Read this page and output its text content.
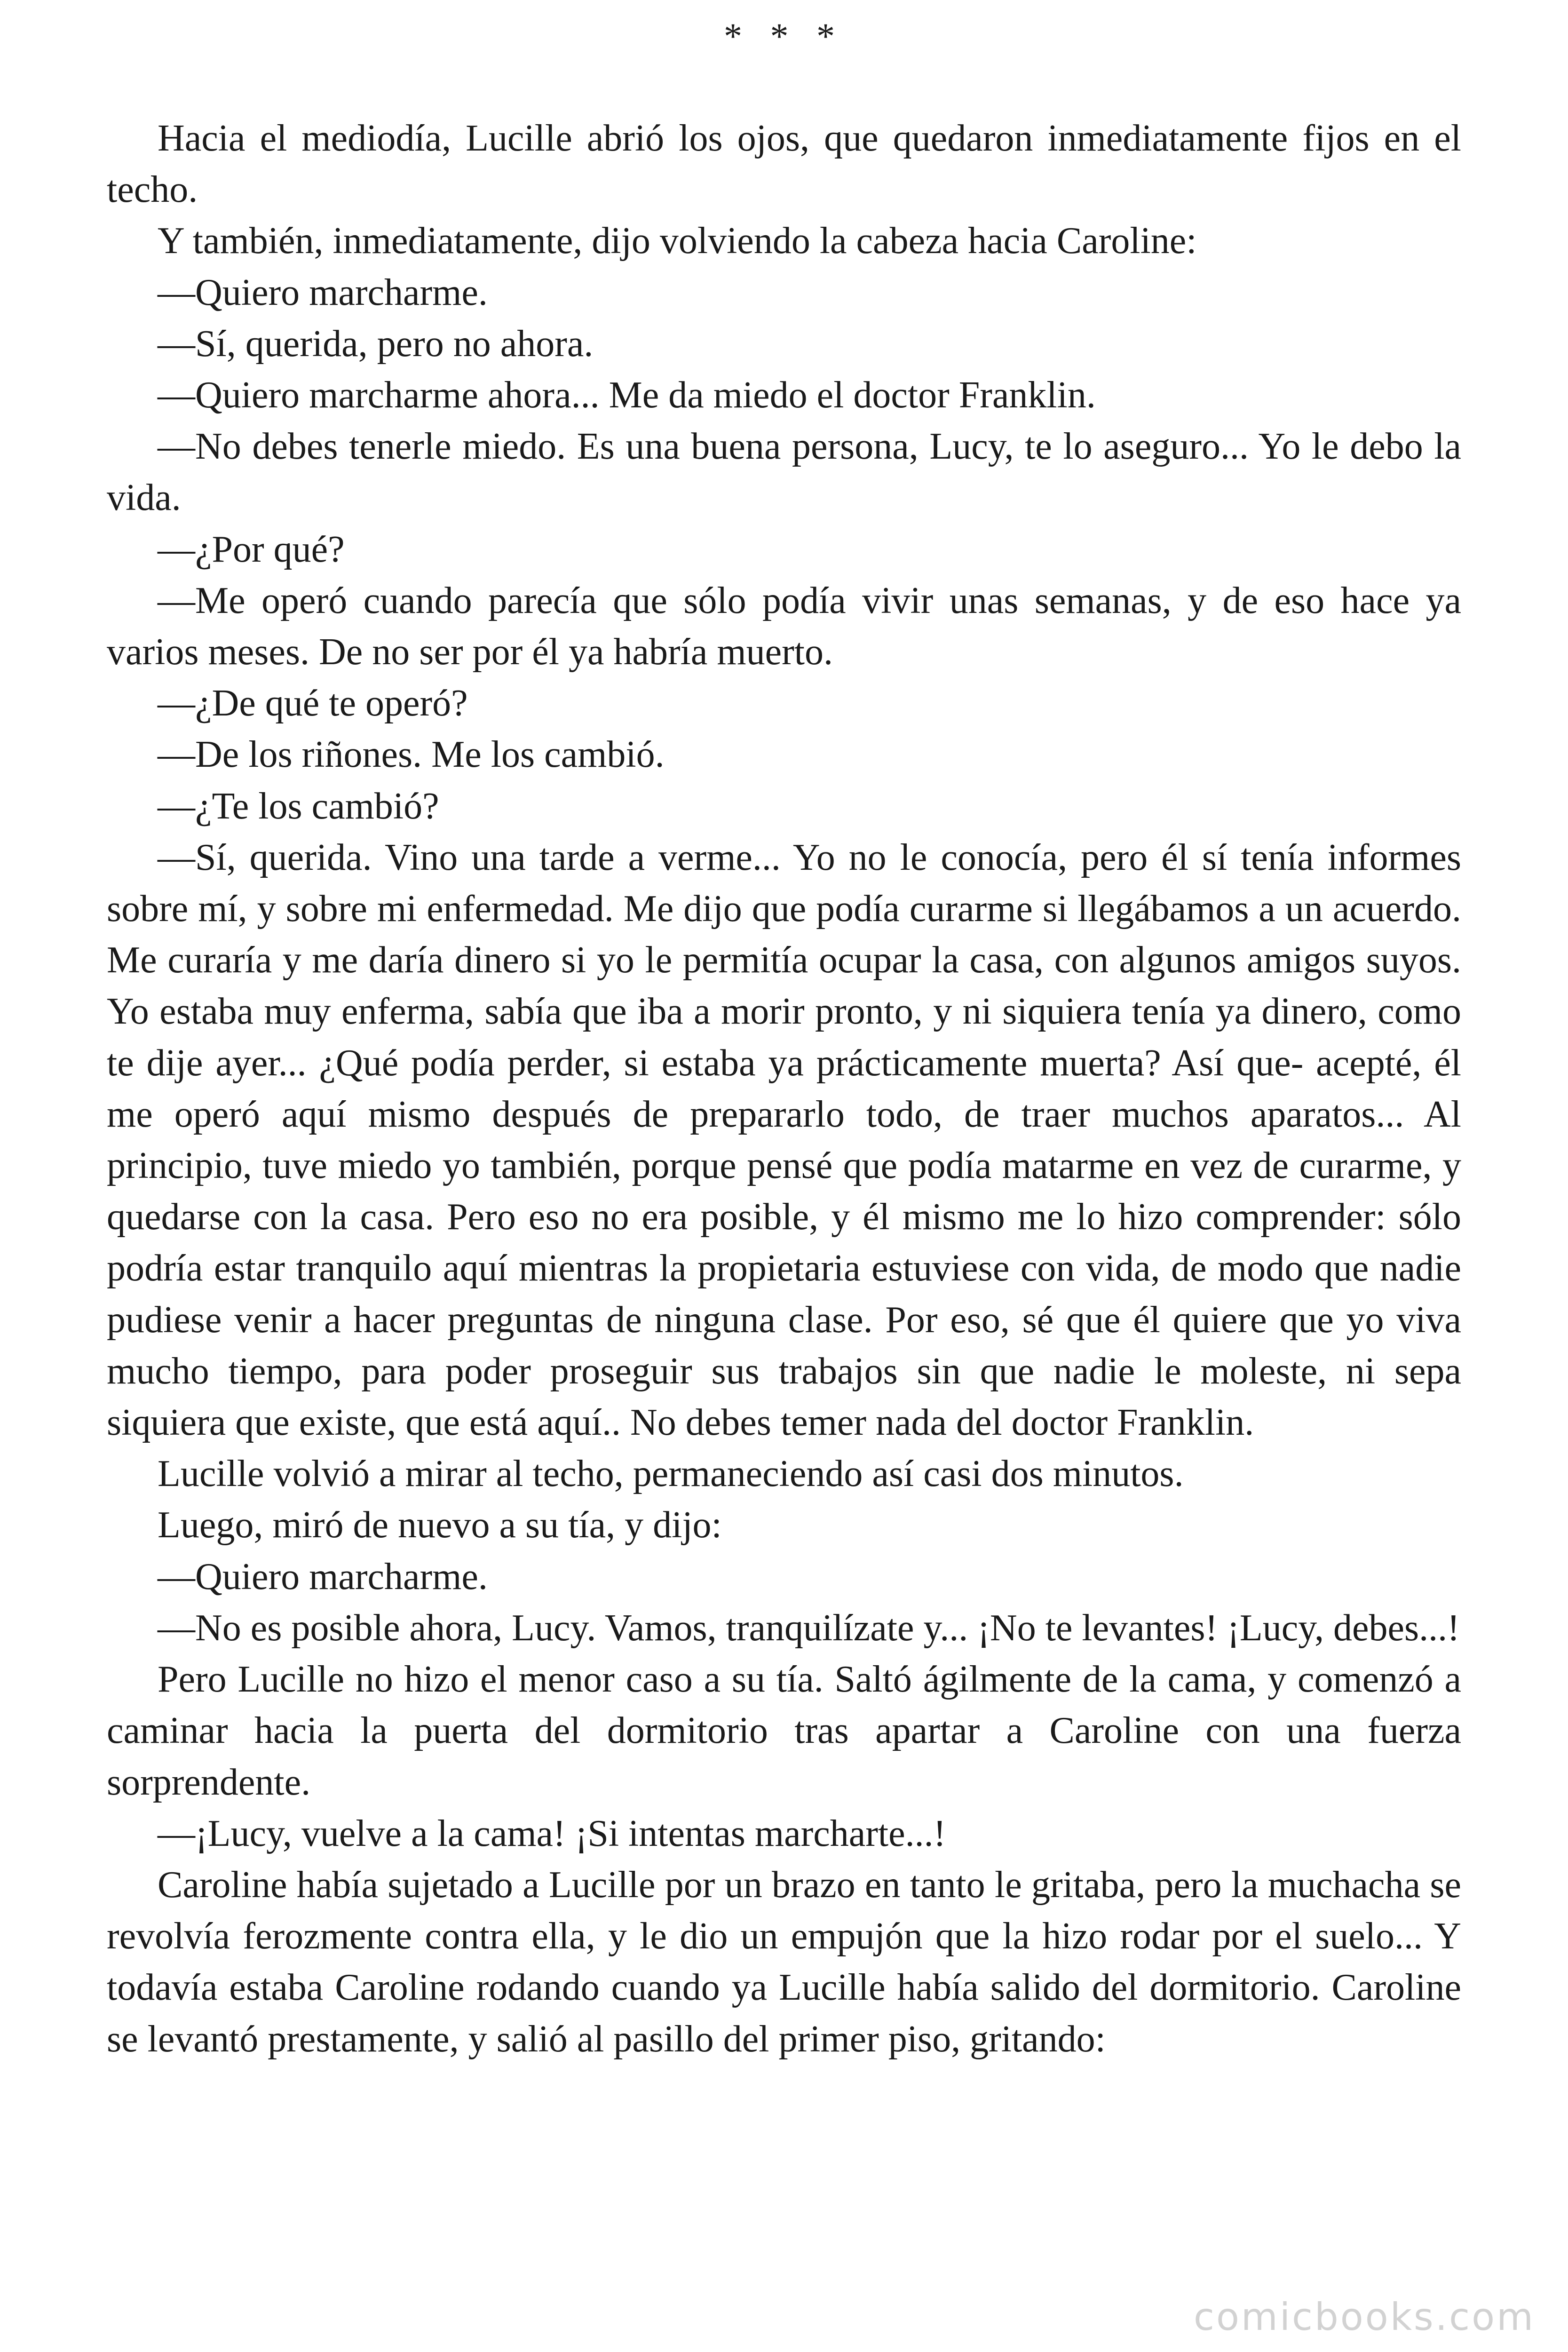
* * *

Hacia el mediodía, Lucille abrió los ojos, que quedaron inmediatamente fijos en el techo.

Y también, inmediatamente, dijo volviendo la cabeza hacia Caroline:

—Quiero marcharme.

—Sí, querida, pero no ahora.

—Quiero marcharme ahora... Me da miedo el doctor Franklin.

—No debes tenerle miedo. Es una buena persona, Lucy, te lo aseguro... Yo le debo la vida.

—¿Por qué?

—Me operó cuando parecía que sólo podía vivir unas semanas, y de eso hace ya varios meses. De no ser por él ya habría muerto.

—¿De qué te operó?

—De los riñones. Me los cambió.

—¿Te los cambió?

—Sí, querida. Vino una tarde a verme... Yo no le conocía, pero él sí tenía informes sobre mí, y sobre mi enfermedad. Me dijo que podía curarme si llegábamos a un acuerdo. Me curaría y me daría dinero si yo le permitía ocupar la casa, con algunos amigos suyos. Yo estaba muy enferma, sabía que iba a morir pronto, y ni siquiera tenía ya dinero, como te dije ayer... ¿Qué podía perder, si estaba ya prácticamente muerta? Así que- acepté, él me operó aquí mismo después de prepararlo todo, de traer muchos aparatos... Al principio, tuve miedo yo también, porque pensé que podía matarme en vez de curarme, y quedarse con la casa. Pero eso no era posible, y él mismo me lo hizo comprender: sólo podría estar tranquilo aquí mientras la propietaria estuviese con vida, de modo que nadie pudiese venir a hacer preguntas de ninguna clase. Por eso, sé que él quiere que yo viva mucho tiempo, para poder proseguir sus trabajos sin que nadie le moleste, ni sepa siquiera que existe, que está aquí.. No debes temer nada del doctor Franklin.

Lucille volvió a mirar al techo, permaneciendo así casi dos minutos.

Luego, miró de nuevo a su tía, y dijo:

—Quiero marcharme.

—No es posible ahora, Lucy. Vamos, tranquilízate y... ¡No te levantes! ¡Lucy, debes...!

Pero Lucille no hizo el menor caso a su tía. Saltó ágilmente de la cama, y comenzó a caminar hacia la puerta del dormitorio tras apartar a Caroline con una fuerza sorprendente.

—¡Lucy, vuelve a la cama! ¡Si intentas marcharte...!

Caroline había sujetado a Lucille por un brazo en tanto le gritaba, pero la muchacha se revolvía ferozmente contra ella, y le dio un empujón que la hizo rodar por el suelo... Y todavía estaba Caroline rodando cuando ya Lucille había salido del dormitorio. Caroline se levantó prestamente, y salió al pasillo del primer piso, gritando:

comicbooks.com
